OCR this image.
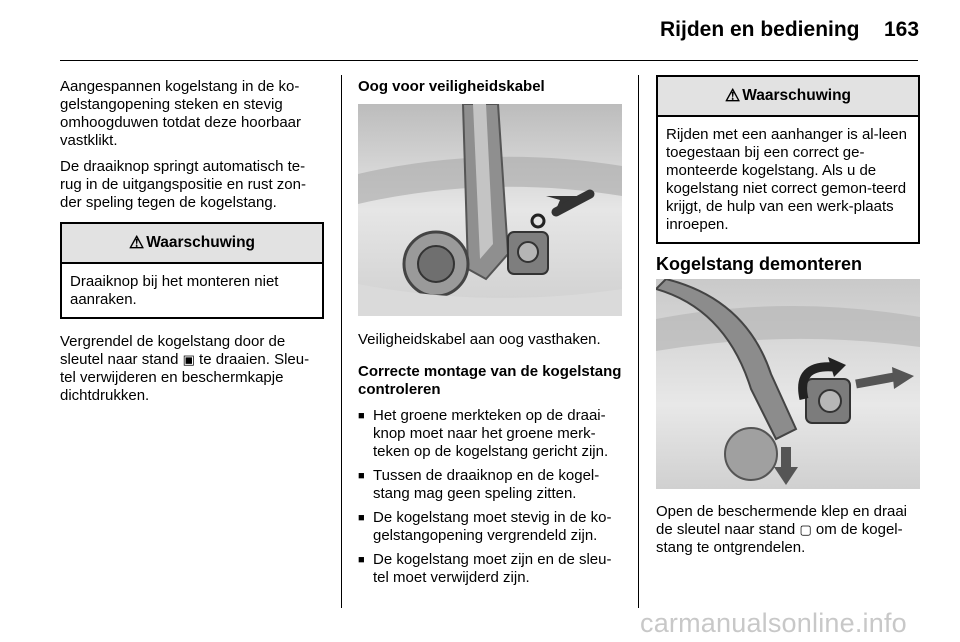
Rijden en bediening 163

Aangespannen kogelstang in de ko-gelstangopening steken en stevig omhoogduwen totdat deze hoorbaar vastklikt.

De draaiknop springt automatisch te-rug in de uitgangspositie en rust zon-der speling tegen de kogelstang.

⚠ Waarschuwing
Draaiknop bij het monteren niet aanraken.

Vergrendel de kogelstang door de sleutel naar stand ▣ te draaien. Sleu-tel verwijderen en beschermkapje dichtdrukken.

Oog voor veiligheidskabel

Veiligheidskabel aan oog vasthaken.

Correcte montage van de kogelstang controleren

■ Het groene merkteken op de draai-knop moet naar het groene merk-teken op de kogelstang gericht zijn.
■ Tussen de draaiknop en de kogel-stang mag geen speling zitten.
■ De kogelstang moet stevig in de ko-gelstangopening vergrendeld zijn.
■ De kogelstang moet zijn en de sleu-tel moet verwijderd zijn.
⚠ Waarschuwing
Rijden met een aanhanger is al-leen toegestaan bij een correct ge-monteerde kogelstang. Als u de kogelstang niet correct gemon-teerd krijgt, de hulp van een werk-plaats inroepen.

Kogelstang demonteren

Open de beschermende klep en draai de sleutel naar stand ▢ om de kogel-stang te ontgrendelen.

carmanualsonline.info
